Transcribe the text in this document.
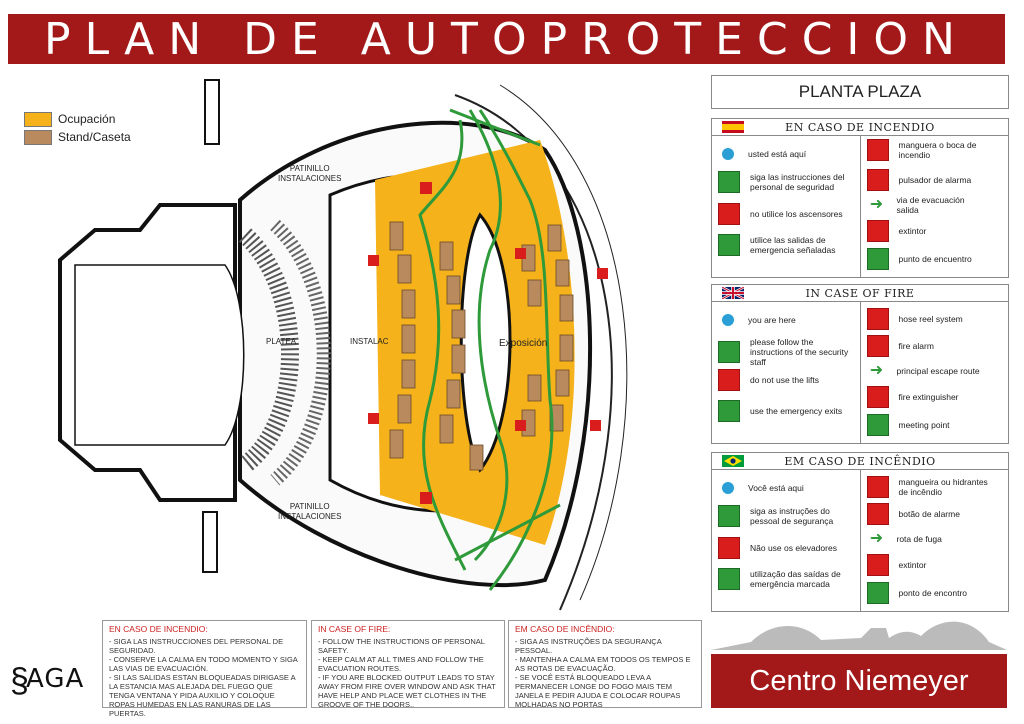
PLAN DE AUTOPROTECCION
PATINILLO
INSTALACIONES
PATINILLO
INSTALACIONES
PLATEA	INSTALAC	Exposición
Ocupación
Stand/Caseta
PLANTA PLAZA
EN CASO DE INCENDIO
usted está aquí
siga las instrucciones del personal de seguridad
no utilice los ascensores
utilice las salidas de emergencia señaladas
manguera o boca de incendio
pulsador de alarma
➜	via de evacuación salida
extintor
punto de encuentro
IN CASE OF FIRE
you are here
please follow the instructions of the security staff
do not use the lifts
use the emergency exits
hose reel system
fire alarm
➜	principal escape route
fire extinguisher
meeting point
EM CASO DE INCÊNDIO
Você está aqui
siga as instruções do pessoal de segurança
Não use os elevadores
utilização das saídas de emergência marcada
mangueira ou hidrantes de incêndio
botão de alarme
➜	rota de fuga
extintor
ponto de encontro
EN CASO DE INCENDIO:
- SIGA LAS INSTRUCCIONES DEL PERSONAL DE SEGURIDAD.
- CONSERVE LA CALMA EN TODO MOMENTO Y SIGA LAS VIAS DE EVACUACIÓN.
- SI LAS SALIDAS ESTAN BLOQUEADAS DIRIGASE A LA ESTANCIA MAS ALEJADA DEL FUEGO QUE TENGA VENTANA Y PIDA AUXILIO Y COLOQUE ROPAS HUMEDAS EN LAS RANURAS DE LAS PUERTAS.
IN CASE OF FIRE:
- FOLLOW THE INSTRUCTIONS OF PERSONAL SAFETY.
- KEEP CALM AT ALL TIMES AND FOLLOW THE EVACUATION ROUTES.
- IF YOU ARE BLOCKED OUTPUT LEADS TO STAY AWAY FROM FIRE OVER WINDOW AND ASK THAT HAVE HELP AND PLACE WET CLOTHES IN THE GROOVE OF THE DOORS..
EM CASO DE INCÊNDIO:
- SIGA AS INSTRUÇÕES DA SEGURANÇA PESSOAL.
- MANTENHA A CALMA EM TODOS OS TEMPOS E AS ROTAS DE EVACUAÇÃO.
- SE VOCÊ ESTÁ BLOQUEADO LEVA A PERMANECER LONGE DO FOGO MAIS TEM JANELA E PEDIR AJUDA E COLOCAR ROUPAS MOLHADAS NO PORTAS
§
AGA	Centro Niemeyer
